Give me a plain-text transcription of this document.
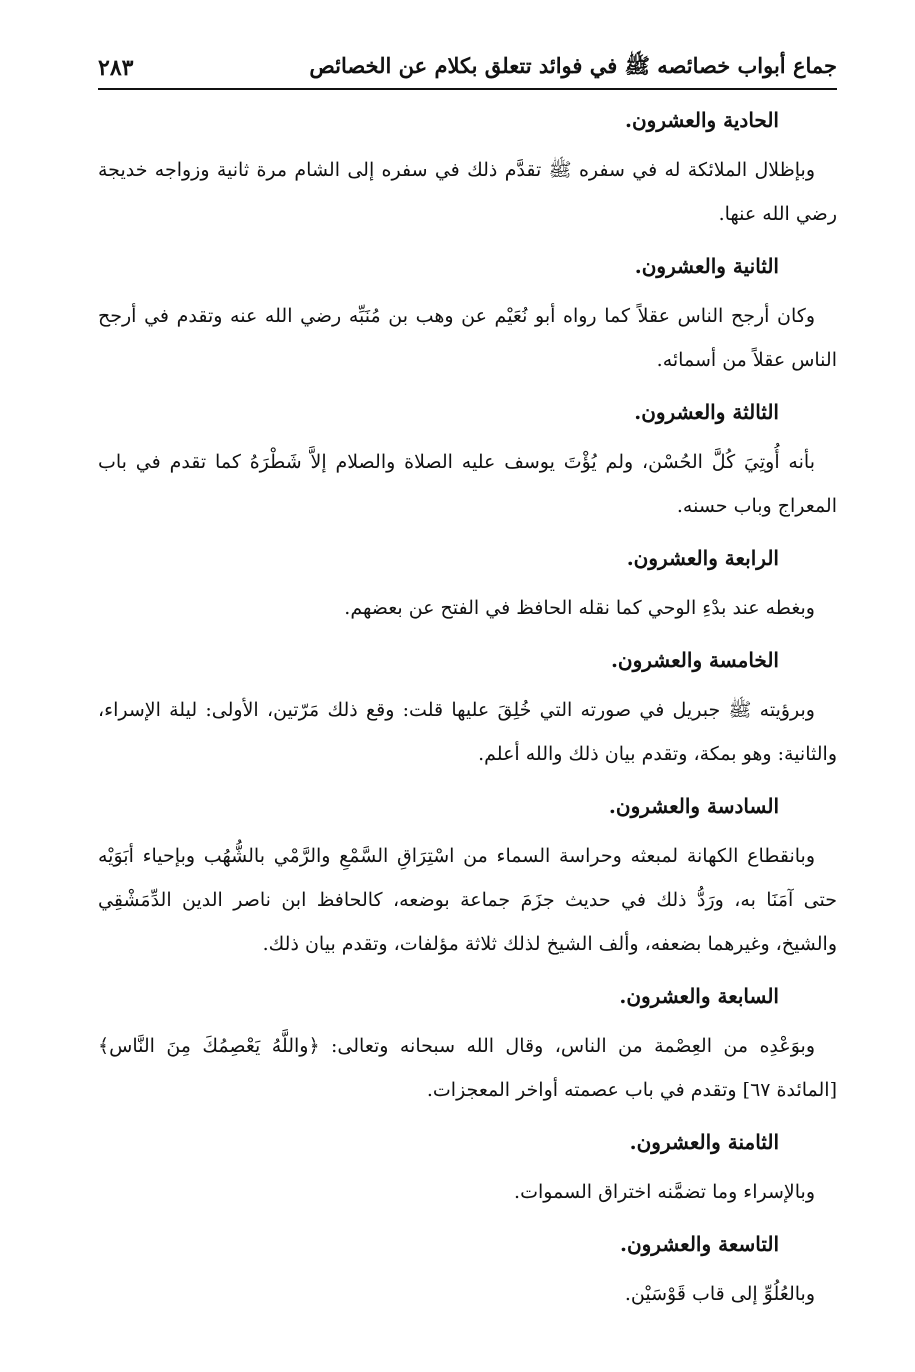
جماع أبواب خصائصه ﷺ في فوائد تتعلق بكلام عن الخصائص
٢٨٣

الحادية والعشرون.

وبإظلال الملائكة له في سفره ﷺ تقدَّم ذلك في سفره إلى الشام مرة ثانية وزواجه خديجة رضي الله عنها.

الثانية والعشرون.

وكان أرجح الناس عقلاً كما رواه أبو نُعَيْم عن وهب بن مُنَبِّه رضي الله عنه وتقدم في أرجح الناس عقلاً من أسمائه.

الثالثة والعشرون.

بأنه أُوتِيَ كُلَّ الحُسْن، ولم يُؤْتَ يوسف عليه الصلاة والصلام إلاَّ شَطْرَهُ كما تقدم في باب المعراج وباب حسنه.

الرابعة والعشرون.

وبغطه عند بدْءِ الوحي كما نقله الحافظ في الفتح عن بعضهم.

الخامسة والعشرون.

وبرؤيته ﷺ جبريل في صورته التي خُلِقَ عليها قلت: وقع ذلك مَرّتين، الأولى: ليلة الإسراء، والثانية: وهو بمكة، وتقدم بيان ذلك والله أعلم.

السادسة والعشرون.

وبانقطاع الكهانة لمبعثه وحراسة السماء من اسْتِرَاقِ السَّمْعِ والرَّمْي بالشُّهُب وبإحياء أبَوَيْه حتى آمَنَا به، ورَدُّ ذلك في حديث جزَمَ جماعة بوضعه، كالحافظ ابن ناصر الدين الدِّمَشْقِي والشيخ، وغيرهما بضعفه، وألف الشيخ لذلك ثلاثة مؤلفات، وتقدم بيان ذلك.

السابعة والعشرون.

وبوَعْدِه من العِصْمة من الناس، وقال الله سبحانه وتعالى: ﴿واللَّهُ يَعْصِمُكَ مِنَ النَّاس﴾ [المائدة ٦٧] وتقدم في باب عصمته أواخر المعجزات.

الثامنة والعشرون.

وبالإسراء وما تضمَّنه اختراق السموات.

التاسعة والعشرون.

وبالعُلُوِّ إلى قاب قَوْسَيْن.
